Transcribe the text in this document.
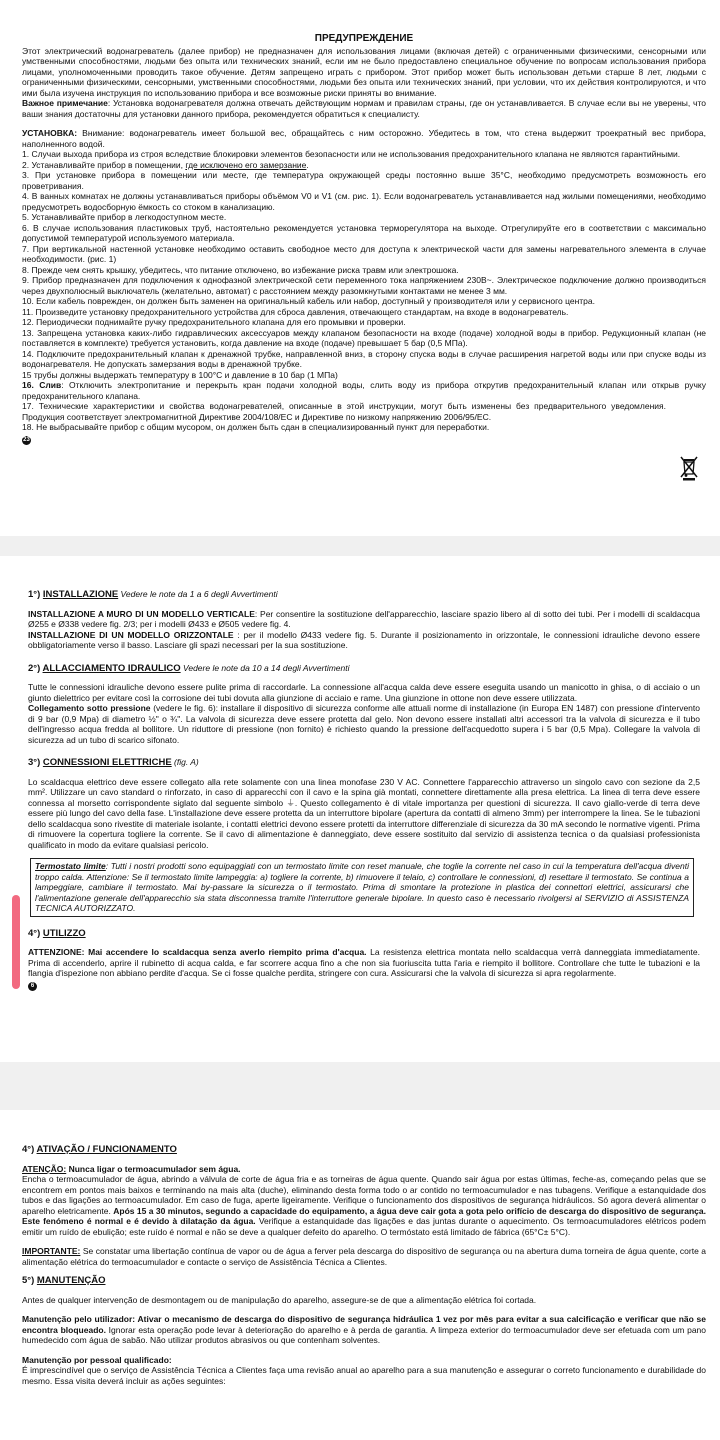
ПРЕДУПРЕЖДЕНИЕ

Этот электрический водонагреватель (далее прибор) не предназначен для использования лицами (включая детей) с ограниченными физическими, сенсорными или умственными способностями, людьми без опыта или технических знаний, если им не было предоставлено специальное обучение по вопросам использования прибора лицами, уполномоченными проводить такое обучение. Детям запрещено играть с прибором. Этот прибор может быть использован детьми старше 8 лет, людьми с ограниченными физическими, сенсорными, умственными способностями, людьми без опыта или технических знаний, при условии, что их действия контролируются, и что ими была изучена инструкция по использованию прибора и все возможные риски приняты во внимание.

Важное примечание: Установка водонагревателя должна отвечать действующим нормам и правилам страны, где он устанавливается. В случае если вы не уверены, что ваши знания достаточны для установки данного прибора, рекомендуется обратиться к специалисту.

УСТАНОВКА: Внимание: водонагреватель имеет большой вес, обращайтесь с ним осторожно. Убедитесь в том, что стена выдержит троекратный вес прибора, наполненного водой.

1. Случаи выхода прибора из строя вследствие блокировки элементов безопасности или не использования предохранительного клапана не являются гарантийными.

2. Устанавливайте прибор в помещении, где исключено его замерзание.

3. При установке прибора в помещении или месте, где температура окружающей среды постоянно выше 35°C, необходимо предусмотреть возможность его проветривания.

4. В ванных комнатах не должны устанавливаться приборы объёмом V0 и V1 (см. рис. 1). Если водонагреватель устанавливается над жилыми помещениями, необходимо предусмотреть водосборную ёмкость со стоком в канализацию.

5. Устанавливайте прибор в легкодоступном месте.

6. В случае использования пластиковых труб, настоятельно рекомендуется установка терморегулятора на выходе. Отрегулируйте его в соответствии с максимально допустимой температурой используемого материала.

7. При вертикальной настенной установке необходимо оставить свободное место для доступа к электрической части для замены нагревательного элемента в случае необходимости. (рис. 1)

8. Прежде чем снять крышку, убедитесь, что питание отключено, во избежание риска травм или электрошока.

9. Прибор предназначен для подключения к однофазной электрической сети переменного тока напряжением 230В~. Электрическое подключение должно производиться через двухполюсный выключатель (желательно, автомат) с расстоянием между разомкнутыми контактами не менее 3 мм.

10. Если кабель поврежден, он должен быть заменен на оригинальный кабель или набор, доступный у производителя или у сервисного центра.

11. Произведите установку предохранительного устройства для сброса давления, отвечающего стандартам, на входе в водонагреватель.

12. Периодически поднимайте ручку предохранительного клапана для его промывки и проверки.

13. Запрещена установка каких-либо гидравлических аксессуаров между клапаном безопасности на входе (подаче) холодной воды в прибор. Редукционный клапан (не поставляется в комплекте) требуется установить, когда давление на входе (подаче) превышает 5 бар (0,5 МПа).

14. Подключите предохранительный клапан к дренажной трубке, направленной вниз, в сторону спуска воды в случае расширения нагретой воды или при спуске воды из водонагревателя. Не допускать замерзания воды в дренажной трубке.

15 трубы должны выдержать температуру в 100°C и давление в 10 бар (1 МПа)

16. Слив: Отключить электропитание и перекрыть кран подачи холодной воды, слить воду из прибора открутив предохранительный клапан или открыв ручку предохранительного клапана.

17. Технические характеристики и свойства водонагревателей, описанные в этой инструкции, могут быть изменены без предварительного уведомления. Продукция соответствует электромагнитной Директиве 2004/108/ЕС и Директиве по низкому напряжению 2006/95/ЕС.

18. Не выбрасывайте прибор с общим мусором, он должен быть сдан в специализированный пункт для переработки.

23

1°) INSTALLAZIONE Vedere le note da 1 a 6 degli Avvertimenti

INSTALLAZIONE A MURO DI UN MODELLO VERTICALE: Per consentire la sostituzione dell'apparecchio, lasciare spazio libero al di sotto dei tubi. Per i modelli di scaldacqua Ø255 e Ø338 vedere fig. 2/3; per i modelli Ø433 e Ø505 vedere fig. 4.

INSTALLAZIONE DI UN MODELLO ORIZZONTALE : per il modello Ø433 vedere fig. 5. Durante il posizionamento in orizzontale, le connessioni idrauliche devono essere obbligatoriamente verso il basso. Lasciare gli spazi necessari per la sua sostituzione.

2°) ALLACCIAMENTO IDRAULICO Vedere le note da 10 a 14 degli Avvertimenti

Tutte le connessioni idrauliche devono essere pulite prima di raccordarle. La connessione all'acqua calda deve essere eseguita usando un manicotto in ghisa, o di acciaio o un giunto dielettrico per evitare così la corrosione dei tubi dovuta alla giunzione di acciaio e rame. Una giunzione in ottone non deve essere utilizzata.

Collegamento sotto pressione (vedere le fig. 6): installare il dispositivo di sicurezza conforme alle attuali norme di installazione (in Europa EN 1487) con pressione d'intervento di 9 bar (0,9 Mpa) di diametro ½" o ¾". La valvola di sicurezza deve essere protetta dal gelo. Non devono essere installati altri accessori tra la valvola di sicurezza e il tubo dell'ingresso acqua fredda al bollitore. Un riduttore di pressione (non fornito) è richiesto quando la pressione dell'acquedotto supera i 5 bar (0,5 Mpa). Collegare la valvola di sicurezza ad un tubo di scarico sifonato.

3°) CONNESSIONI ELETTRICHE (fig. A)

Lo scaldacqua elettrico deve essere collegato alla rete solamente con una linea monofase 230 V AC. Connettere l'apparecchio attraverso un singolo cavo con sezione da 2,5 mm². Utilizzare un cavo standard o rinforzato, in caso di apparecchi con il cavo e la spina già montati, connettere direttamente alla presa elettrica. La linea di terra deve essere connessa al morsetto corrispondente siglato dal seguente simbolo ⏚. Questo collegamento è di vitale importanza per questioni di sicurezza. Il cavo giallo-verde di terra deve essere più lungo del cavo della fase. L'installazione deve essere protetta da un interruttore bipolare (apertura da contatti di almeno 3mm) per interrompere la linea. Se le tubazioni dello scaldacqua sono rivestite di materiale isolante, i contatti elettrici devono essere protetti da interruttore differenziale di sicurezza da 30 mA secondo le normative vigenti. Prima di rimuovere la copertura togliere la corrente. Se il cavo di alimentazione è danneggiato, deve essere sostituito dal servizio di assistenza tecnica o da qualsiasi professionista qualificato in modo da evitare qualsiasi pericolo.

Termostato limite: Tutti i nostri prodotti sono equipaggiati con un termostato limite con reset manuale, che toglie la corrente nel caso in cui la temperatura dell'acqua diventi troppo calda. Attenzione: Se il termostato limite lampeggia: a) togliere la corrente, b) rimuovere il telaio, c) controllare le connessioni, d) resettare il termostato. Se continua a lampeggiare, cambiare il termostato. Mai by-passare la sicurezza o il termostato. Prima di smontare la protezione in plastica dei connettori elettrici, assicurarsi che l'alimentazione generale dell'apparecchio sia stata disconnessa tramite l'interruttore generale bipolare. In questo caso è necessario rivolgersi al SERVIZIO di ASSISTENZA TECNICA AUTORIZZATO.

4°) UTILIZZO

ATTENZIONE: Mai accendere lo scaldacqua senza averlo riempito prima d'acqua. La resistenza elettrica montata nello scaldacqua verrà danneggiata immediatamente. Prima di accenderlo, aprire il rubinetto di acqua calda, e far scorrere acqua fino a che non sia fuoriuscita tutta l'aria e riempito il bollitore. Controllare che tutte le tubazioni e la flangia d'ispezione non abbiano perdite d'acqua. Se ci fosse qualche perdita, stringere con cura. Assicurarsi che la valvola di sicurezza si apra regolarmente.

6

4°) ATIVAÇÃO / FUNCIONAMENTO

ATENÇÃO: Nunca ligar o termoacumulador sem água.

Encha o termoacumulador de água, abrindo a válvula de corte de água fria e as torneiras de água quente. Quando sair água por estas últimas, feche-as, começando pelas que se encontrem em pontos mais baixos e terminando na mais alta (duche), eliminando desta forma todo o ar contido no termoacumulador e nas tubagens. Verifique a estanquidade dos tubos e das ligações ao termoacumulador. Em caso de fuga, aperte ligeiramente. Verifique o funcionamento dos dispositivos de segurança hidráulicos. Só agora deverá alimentar o aparelho eletricamente. Após 15 a 30 minutos, segundo a capacidade do equipamento, a água deve cair gota a gota pelo orifício de descarga do dispositivo de segurança. Este fenómeno é normal e é devido à dilatação da água. Verifique a estanquidade das ligações e das juntas durante o aquecimento. Os termoacumuladores elétricos podem emitir um ruído de ebulição; este ruído é normal e não se deve a qualquer defeito do aparelho. O termóstato está limitado de fábrica (65°C± 5°C).

IMPORTANTE: Se constatar uma libertação contínua de vapor ou de água a ferver pela descarga do dispositivo de segurança ou na abertura duma torneira de água quente, corte a alimentação elétrica do termoacumulador e contacte o serviço de Assistência Técnica a Clientes.

5°) MANUTENÇÃO

Antes de qualquer intervenção de desmontagem ou de manipulação do aparelho, assegure-se de que a alimentação elétrica foi cortada.

Manutenção pelo utilizador: Ativar o mecanismo de descarga do dispositivo de segurança hidráulica 1 vez por mês para evitar a sua calcificação e verificar que não se encontra bloqueado. Ignorar esta operação pode levar à deterioração do aparelho e à perda de garantia. A limpeza exterior do termoacumulador deve ser efetuada com um pano humedecido com água de sabão. Não utilizar produtos abrasivos ou que contenham solventes.

Manutenção por pessoal qualificado:

É imprescindível que o serviço de Assistência Técnica a Clientes faça uma revisão anual ao aparelho para a sua manutenção e assegurar o correto funcionamento e durabilidade do mesmo. Essa visita deverá incluir as ações seguintes:
